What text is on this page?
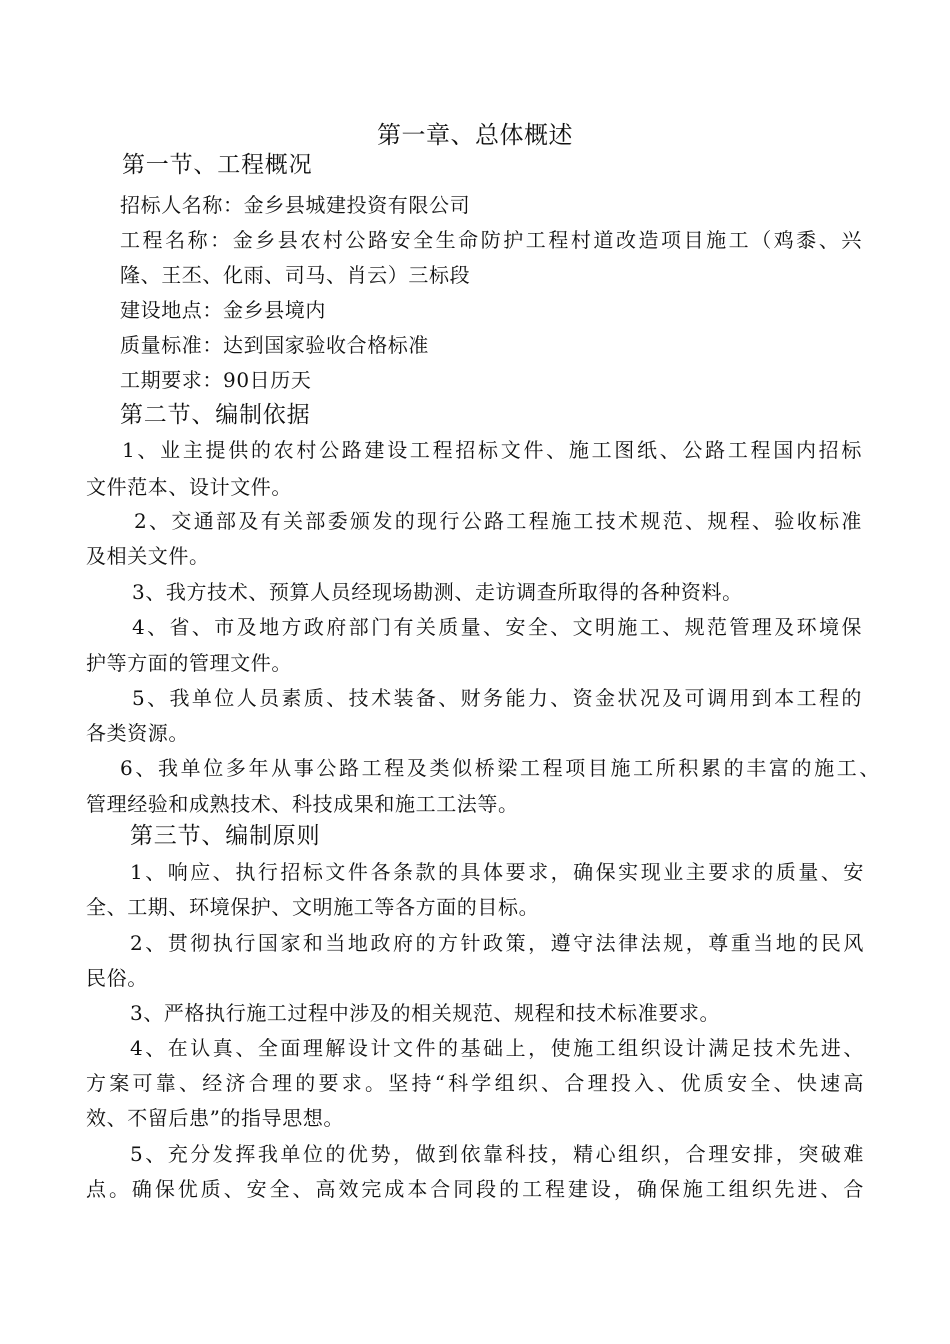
第一章、总体概述
第一节、工程概况
招标人名称：金乡县城建投资有限公司
工程名称：金乡县农村公路安全生命防护工程村道改造项目施工（鸡黍、兴
隆、王丕、化雨、司马、肖云）三标段
建设地点：金乡县境内
质量标准：达到国家验收合格标准
工期要求：90日历天
第二节、编制依据
1、业主提供的农村公路建设工程招标文件、施工图纸、公路工程国内招标
文件范本、设计文件。
2、交通部及有关部委颁发的现行公路工程施工技术规范、规程、验收标准
及相关文件。
3、我方技术、预算人员经现场勘测、走访调查所取得的各种资料。
4、省、市及地方政府部门有关质量、安全、文明施工、规范管理及环境保
护等方面的管理文件。
5、我单位人员素质、技术装备、财务能力、资金状况及可调用到本工程的
各类资源。
6、我单位多年从事公路工程及类似桥梁工程项目施工所积累的丰富的施工、
管理经验和成熟技术、科技成果和施工工法等。
第三节、编制原则
1、响应、执行招标文件各条款的具体要求，确保实现业主要求的质量、安
全、工期、环境保护、文明施工等各方面的目标。
2、贯彻执行国家和当地政府的方针政策，遵守法律法规，尊重当地的民风
民俗。
3、严格执行施工过程中涉及的相关规范、规程和技术标准要求。
4、在认真、全面理解设计文件的基础上，使施工组织设计满足技术先进、
方案可靠、经济合理的要求。坚持“科学组织、合理投入、优质安全、快速高
效、不留后患”的指导思想。
5、充分发挥我单位的优势，做到依靠科技，精心组织，合理安排，突破难
点。确保优质、安全、高效完成本合同段的工程建设，确保施工组织先进、合
